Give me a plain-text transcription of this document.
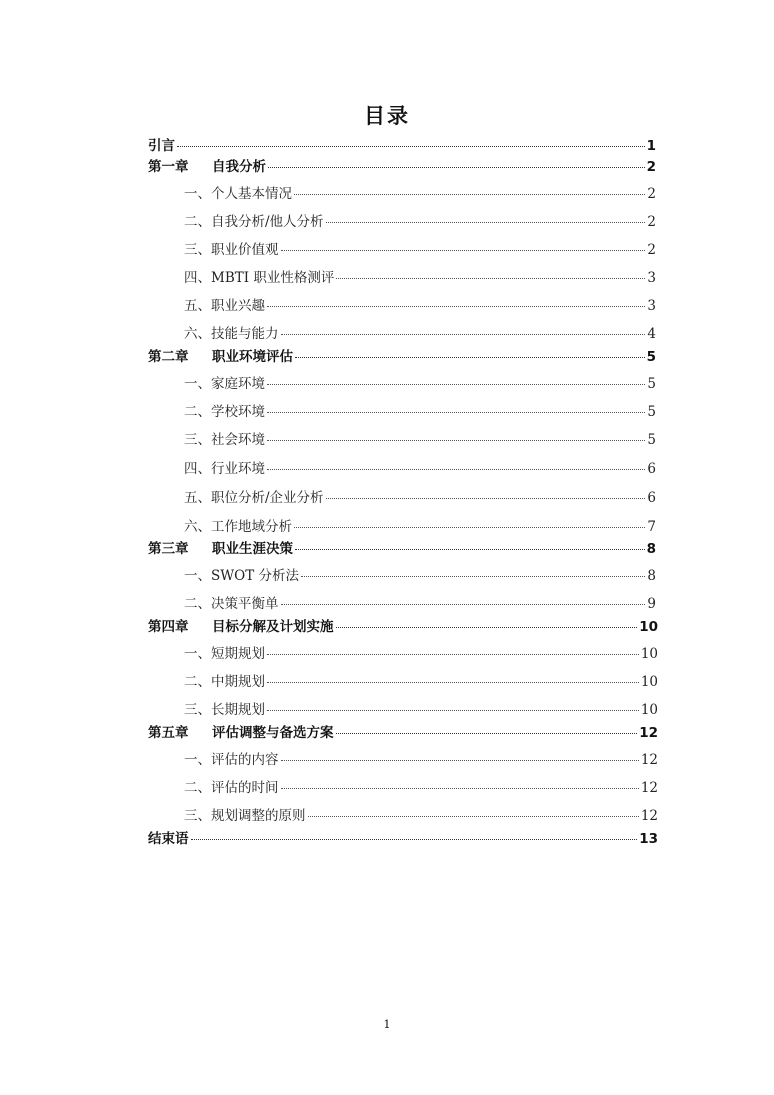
目录
引言	1
第一章 自我分析	2
一、个人基本情况	2
二、自我分析/他人分析	2
三、职业价值观	2
四、MBTI 职业性格测评	3
五、职业兴趣	3
六、技能与能力	4
第二章 职业环境评估	5
一、家庭环境	5
二、学校环境	5
三、社会环境	5
四、行业环境	6
五、职位分析/企业分析	6
六、工作地域分析	7
第三章 职业生涯决策	8
一、SWOT 分析法	8
二、决策平衡单	9
第四章 目标分解及计划实施	10
一、短期规划	10
二、中期规划	10
三、长期规划	10
第五章 评估调整与备选方案	12
一、评估的内容	12
二、评估的时间	12
三、规划调整的原则	12
结束语	13
1
